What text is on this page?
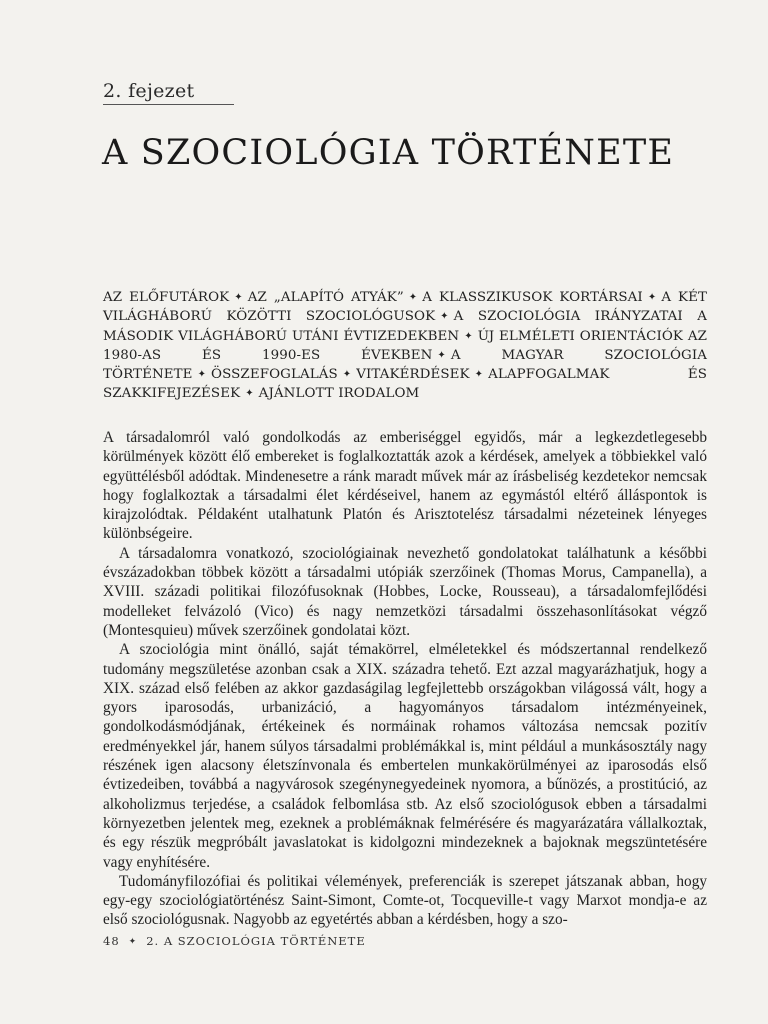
2. fejezet
A SZOCIOLÓGIA TÖRTÉNETE
AZ ELŐFUTÁROK ✦ AZ „ALAPÍTÓ ATYÁK” ✦ A KLASSZIKUSOK KORTÁRSAI ✦ A KÉT VILÁGHÁBORÚ KÖZÖTTI SZOCIOLÓGUSOK ✦ A SZOCIOLÓGIA IRÁNYZATAI A MÁSODIK VILÁGHÁBORÚ UTÁNI ÉVTIZEDEKBEN ✦ ÚJ ELMÉLETI ORIENTÁCIÓK AZ 1980-AS ÉS 1990-ES ÉVEKBEN ✦ A MAGYAR SZOCIOLÓGIA TÖRTÉNETE ✦ ÖSSZEFOGLALÁS ✦ VITAKÉRDÉSEK ✦ ALAPFOGALMAK ÉS SZAKKIFEJEZÉSEK ✦ AJÁNLOTT IRODALOM

A társadalomról való gondolkodás az emberiséggel egyidős, már a legkezdetlegesebb körülmények között élő embereket is foglalkoztatták azok a kérdések, amelyek a többiekkel való együttélésből adódtak. Mindenesetre a ránk maradt művek már az írásbeliség kezdetekor nemcsak hogy foglalkoztak a társadalmi élet kérdéseivel, hanem az egymástól eltérő álláspontok is kirajzolódtak. Példaként utalhatunk Platón és Arisztotelész társadalmi nézeteinek lényeges különbségeire.

A társadalomra vonatkozó, szociológiainak nevezhető gondolatokat találhatunk a későbbi évszázadokban többek között a társadalmi utópiák szerzőinek (Thomas Morus, Campanella), a XVIII. századi politikai filozófusoknak (Hobbes, Locke, Rousseau), a társadalomfejlődési modelleket felvázoló (Vico) és nagy nemzetközi társadalmi összehasonlításokat végző (Montesquieu) művek szerzőinek gondolatai közt.

A szociológia mint önálló, saját témakörrel, elméletekkel és módszertannal rendelkező tudomány megszületése azonban csak a XIX. századra tehető. Ezt azzal magyarázhatjuk, hogy a XIX. század első felében az akkor gazdaságilag legfejlettebb országokban világossá vált, hogy a gyors iparosodás, urbanizáció, a hagyományos társadalom intézményeinek, gondolkodásmódjának, értékeinek és normáinak rohamos változása nemcsak pozitív eredményekkel jár, hanem súlyos társadalmi problémákkal is, mint például a munkásosztály nagy részének igen alacsony életszínvonala és embertelen munkakörülményei az iparosodás első évtizedeiben, továbbá a nagyvárosok szegénynegyedeinek nyomora, a bűnözés, a prostitúció, az alkoholizmus terjedése, a családok felbomlása stb. Az első szociológusok ebben a társadalmi környezetben jelentek meg, ezeknek a problémáknak felmérésére és magyarázatára vállalkoztak, és egy részük megpróbált javaslatokat is kidolgozni mindezeknek a bajoknak megszüntetésére vagy enyhítésére.

Tudományfilozófiai és politikai vélemények, preferenciák is szerepet játszanak abban, hogy egy-egy szociológiatörténész Saint-Simont, Comte-ot, Tocqueville-t vagy Marxot mondja-e az első szociológusnak. Nagyobb az egyetértés abban a kérdésben, hogy a szo-

48 ✦ 2. A SZOCIOLÓGIA TÖRTÉNETE
